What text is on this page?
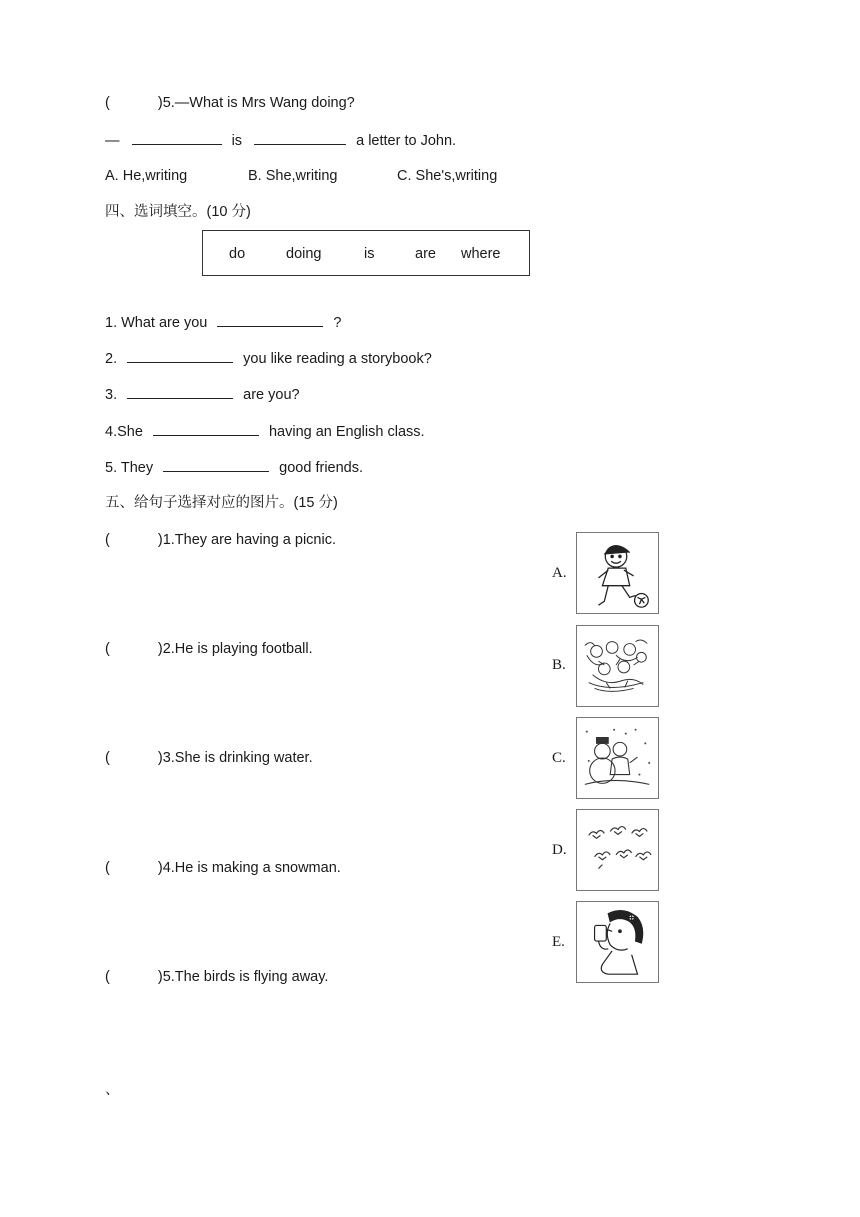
(	)5.—What is Mrs Wang doing?
—	is	a letter to John.
A. He,writing	B. She,writing	C. She's,writing
四、选词填空。(10 分)
do	doing	is	are where
1. What are you	?
2.	you like reading a storybook?
3.	are you?
4.She	having an English class.
5. They	good friends.
五、给句子选择对应的图片。(15 分)
(	)1.They are having a picnic.
(	)2.He is playing football.
(	)3.She is drinking water.
(	)4.He is making a snowman.
(	)5.The birds is flying away.
A.
B.
C.
D.
E.
、
